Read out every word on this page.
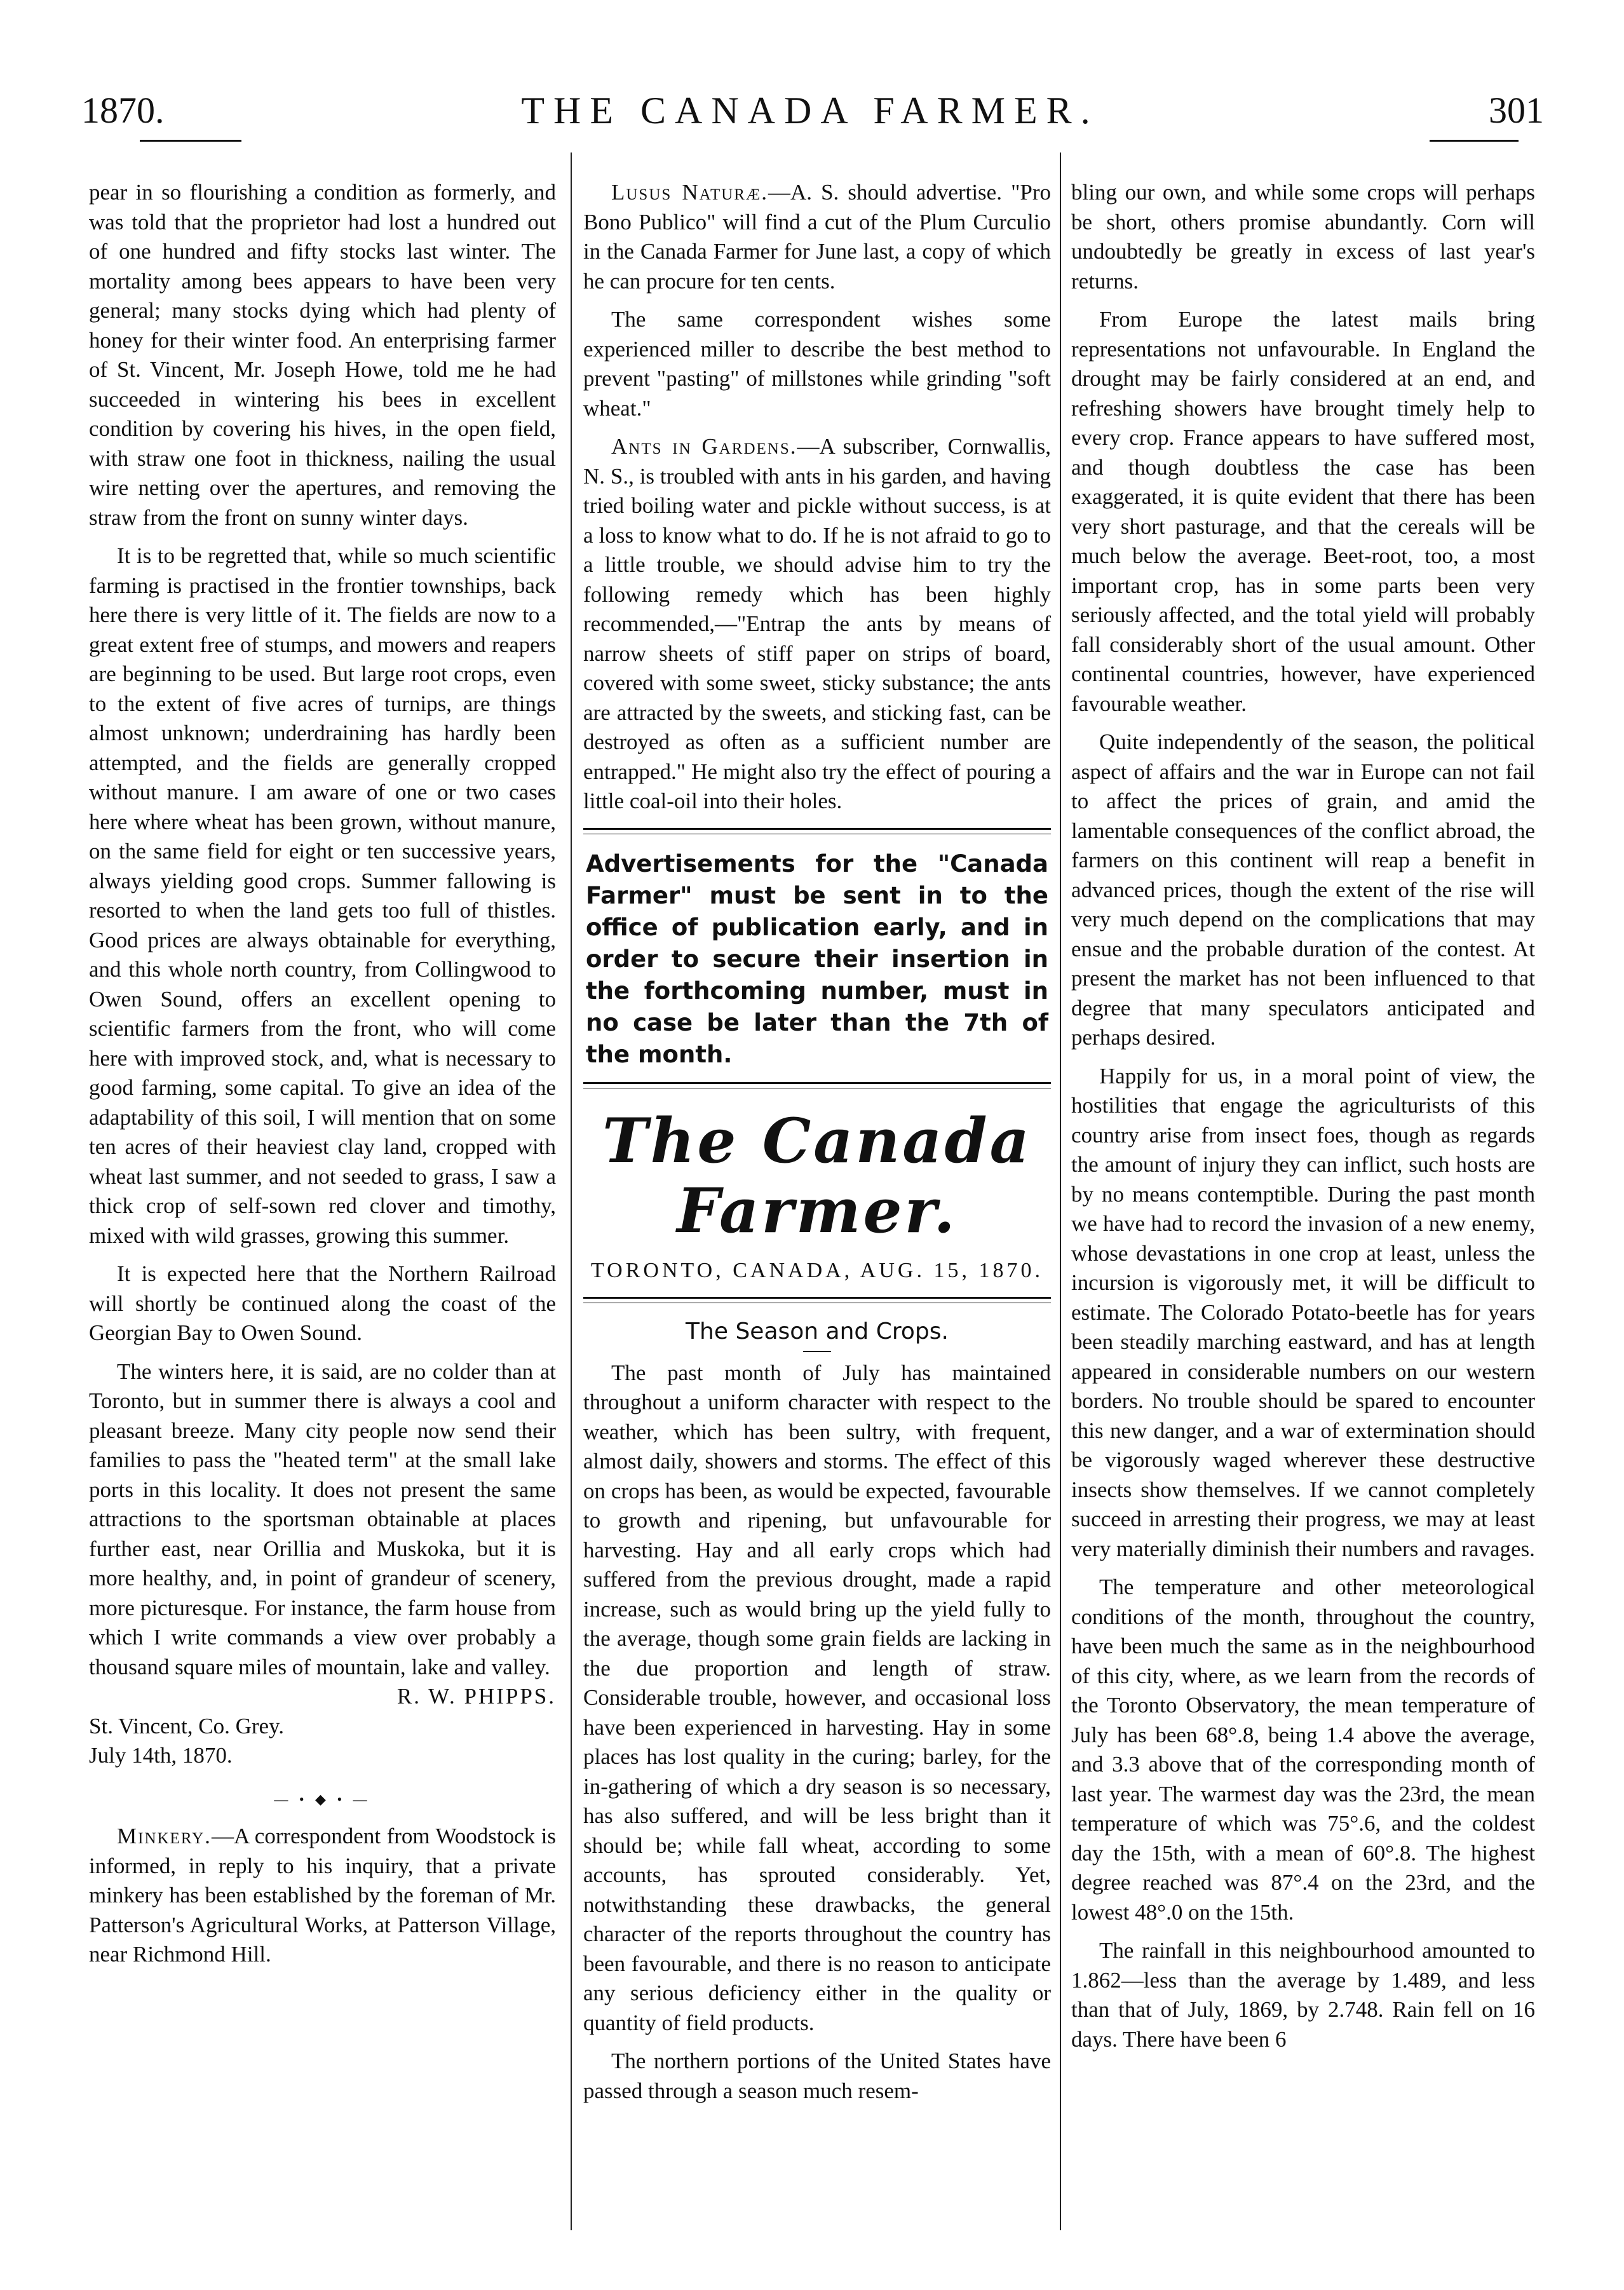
1870.	THE CANADA FARMER.	301

pear in so flourishing a condition as formerly, and was told that the proprietor had lost a hundred out of one hundred and fifty stocks last winter. The mortality among bees appears to have been very general; many stocks dying which had plenty of honey for their winter food. An enterprising farmer of St. Vincent, Mr. Joseph Howe, told me he had succeeded in wintering his bees in excellent condition by covering his hives, in the open field, with straw one foot in thickness, nailing the usual wire netting over the apertures, and removing the straw from the front on sunny winter days.

It is to be regretted that, while so much scientific farming is practised in the frontier townships, back here there is very little of it. The fields are now to a great extent free of stumps, and mowers and reapers are beginning to be used. But large root crops, even to the extent of five acres of turnips, are things almost unknown; underdraining has hardly been attempted, and the fields are generally cropped without manure. I am aware of one or two cases here where wheat has been grown, without manure, on the same field for eight or ten successive years, always yielding good crops. Summer fallowing is resorted to when the land gets too full of thistles. Good prices are always obtainable for everything, and this whole north country, from Collingwood to Owen Sound, offers an excellent opening to scientific farmers from the front, who will come here with improved stock, and, what is necessary to good farming, some capital. To give an idea of the adaptability of this soil, I will mention that on some ten acres of their heaviest clay land, cropped with wheat last summer, and not seeded to grass, I saw a thick crop of self-sown red clover and timothy, mixed with wild grasses, growing this summer.

It is expected here that the Northern Railroad will shortly be continued along the coast of the Georgian Bay to Owen Sound.

The winters here, it is said, are no colder than at Toronto, but in summer there is always a cool and pleasant breeze. Many city people now send their families to pass the "heated term" at the small lake ports in this locality. It does not present the same attractions to the sportsman obtainable at places further east, near Orillia and Muskoka, but it is more healthy, and, in point of grandeur of scenery, more picturesque. For instance, the farm house from which I write commands a view over probably a thousand square miles of mountain, lake and valley.

R. W. PHIPPS.

St. Vincent, Co. Grey.

July 14th, 1870.

— • ◆ • —

Minkery.—A correspondent from Woodstock is informed, in reply to his inquiry, that a private minkery has been established by the foreman of Mr. Patterson's Agricultural Works, at Patterson Village, near Richmond Hill.

Lusus Naturæ.—A. S. should advertise. "Pro Bono Publico" will find a cut of the Plum Curculio in the Canada Farmer for June last, a copy of which he can procure for ten cents.

The same correspondent wishes some experienced miller to describe the best method to prevent "pasting" of millstones while grinding "soft wheat."

Ants in Gardens.—A subscriber, Cornwallis, N. S., is troubled with ants in his garden, and having tried boiling water and pickle without success, is at a loss to know what to do. If he is not afraid to go to a little trouble, we should advise him to try the following remedy which has been highly recommended,—"Entrap the ants by means of narrow sheets of stiff paper on strips of board, covered with some sweet, sticky substance; the ants are attracted by the sweets, and sticking fast, can be destroyed as often as a sufficient number are entrapped." He might also try the effect of pouring a little coal-oil into their holes.

Advertisements for the "Canada Farmer" must be sent in to the office of publication early, and in order to secure their insertion in the forthcoming number, must in no case be later than the 7th of the month.
The Canada Farmer.
TORONTO, CANADA, AUG. 15, 1870.
The Season and Crops.

The past month of July has maintained throughout a uniform character with respect to the weather, which has been sultry, with frequent, almost daily, showers and storms. The effect of this on crops has been, as would be expected, favourable to growth and ripening, but unfavourable for harvesting. Hay and all early crops which had suffered from the previous drought, made a rapid increase, such as would bring up the yield fully to the average, though some grain fields are lacking in the due proportion and length of straw. Considerable trouble, however, and occasional loss have been experienced in harvesting. Hay in some places has lost quality in the curing; barley, for the in-gathering of which a dry season is so necessary, has also suffered, and will be less bright than it should be; while fall wheat, according to some accounts, has sprouted considerably. Yet, notwithstanding these drawbacks, the general character of the reports throughout the country has been favourable, and there is no reason to anticipate any serious deficiency either in the quality or quantity of field products.

The northern portions of the United States have passed through a season much resem-

bling our own, and while some crops will perhaps be short, others promise abundantly. Corn will undoubtedly be greatly in excess of last year's returns.

From Europe the latest mails bring representations not unfavourable. In England the drought may be fairly considered at an end, and refreshing showers have brought timely help to every crop. France appears to have suffered most, and though doubtless the case has been exaggerated, it is quite evident that there has been very short pasturage, and that the cereals will be much below the average. Beet-root, too, a most important crop, has in some parts been very seriously affected, and the total yield will probably fall considerably short of the usual amount. Other continental countries, however, have experienced favourable weather.

Quite independently of the season, the political aspect of affairs and the war in Europe can not fail to affect the prices of grain, and amid the lamentable consequences of the conflict abroad, the farmers on this continent will reap a benefit in advanced prices, though the extent of the rise will very much depend on the complications that may ensue and the probable duration of the contest. At present the market has not been influenced to that degree that many speculators anticipated and perhaps desired.

Happily for us, in a moral point of view, the hostilities that engage the agriculturists of this country arise from insect foes, though as regards the amount of injury they can inflict, such hosts are by no means contemptible. During the past month we have had to record the invasion of a new enemy, whose devastations in one crop at least, unless the incursion is vigorously met, it will be difficult to estimate. The Colorado Potato-beetle has for years been steadily marching eastward, and has at length appeared in considerable numbers on our western borders. No trouble should be spared to encounter this new danger, and a war of extermination should be vigorously waged wherever these destructive insects show themselves. If we cannot completely succeed in arresting their progress, we may at least very materially diminish their numbers and ravages.

The temperature and other meteorological conditions of the month, throughout the country, have been much the same as in the neighbourhood of this city, where, as we learn from the records of the Toronto Observatory, the mean temperature of July has been 68°.8, being 1.4 above the average, and 3.3 above that of the corresponding month of last year. The warmest day was the 23rd, the mean temperature of which was 75°.6, and the coldest day the 15th, with a mean of 60°.8. The highest degree reached was 87°.4 on the 23rd, and the lowest 48°.0 on the 15th.

The rainfall in this neighbourhood amounted to 1.862—less than the average by 1.489, and less than that of July, 1869, by 2.748. Rain fell on 16 days. There have been 6
